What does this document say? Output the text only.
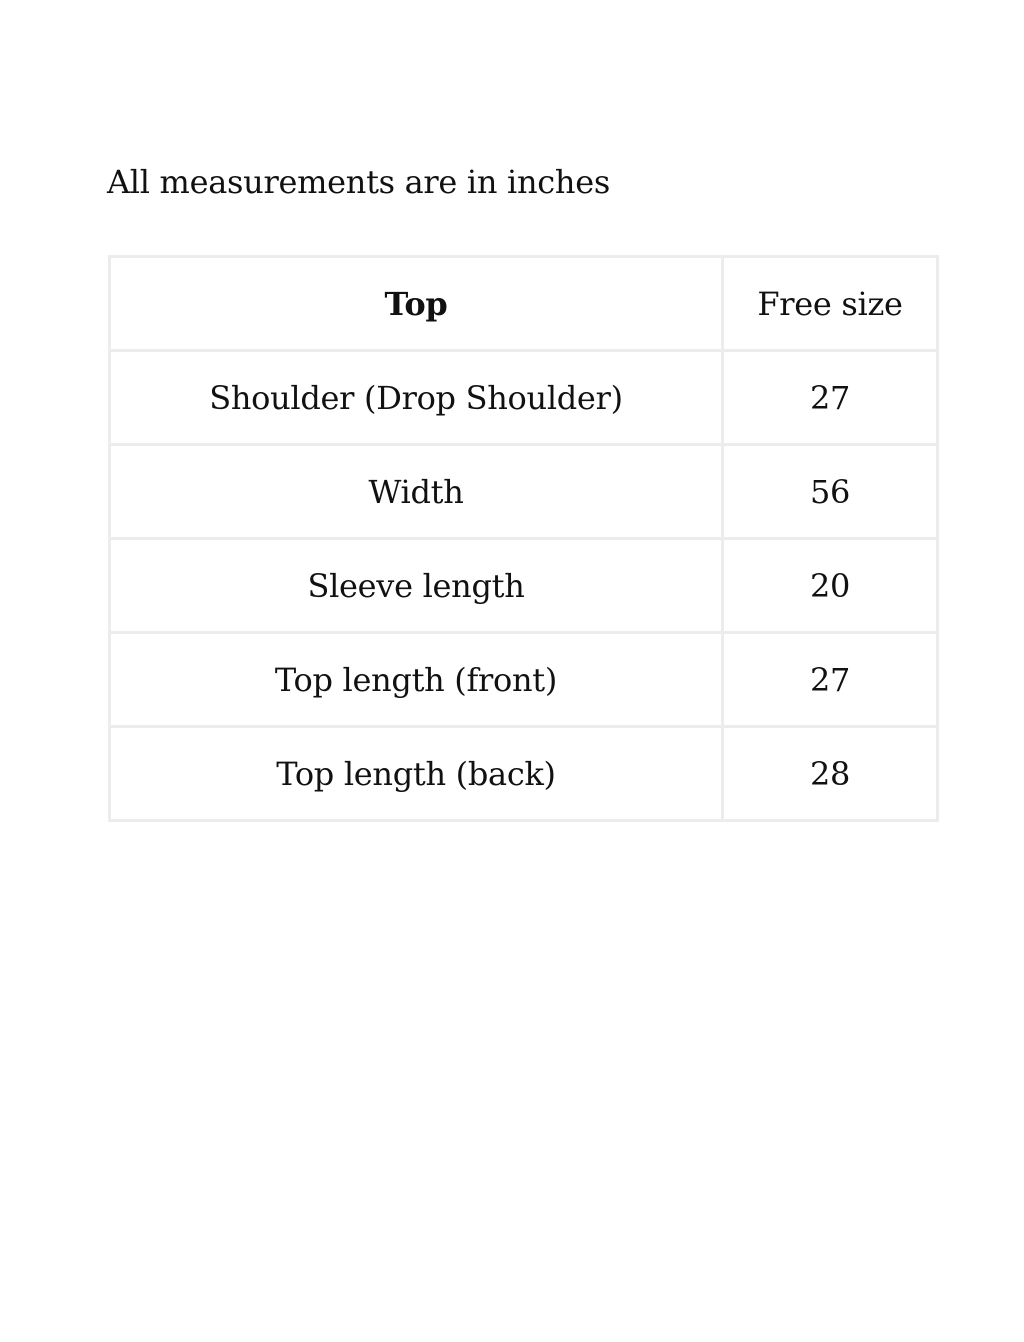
All measurements are in inches
Top	Free size
Shoulder (Drop Shoulder)	27
Width	56
Sleeve length	20
Top length (front)	27
Top length (back)	28
